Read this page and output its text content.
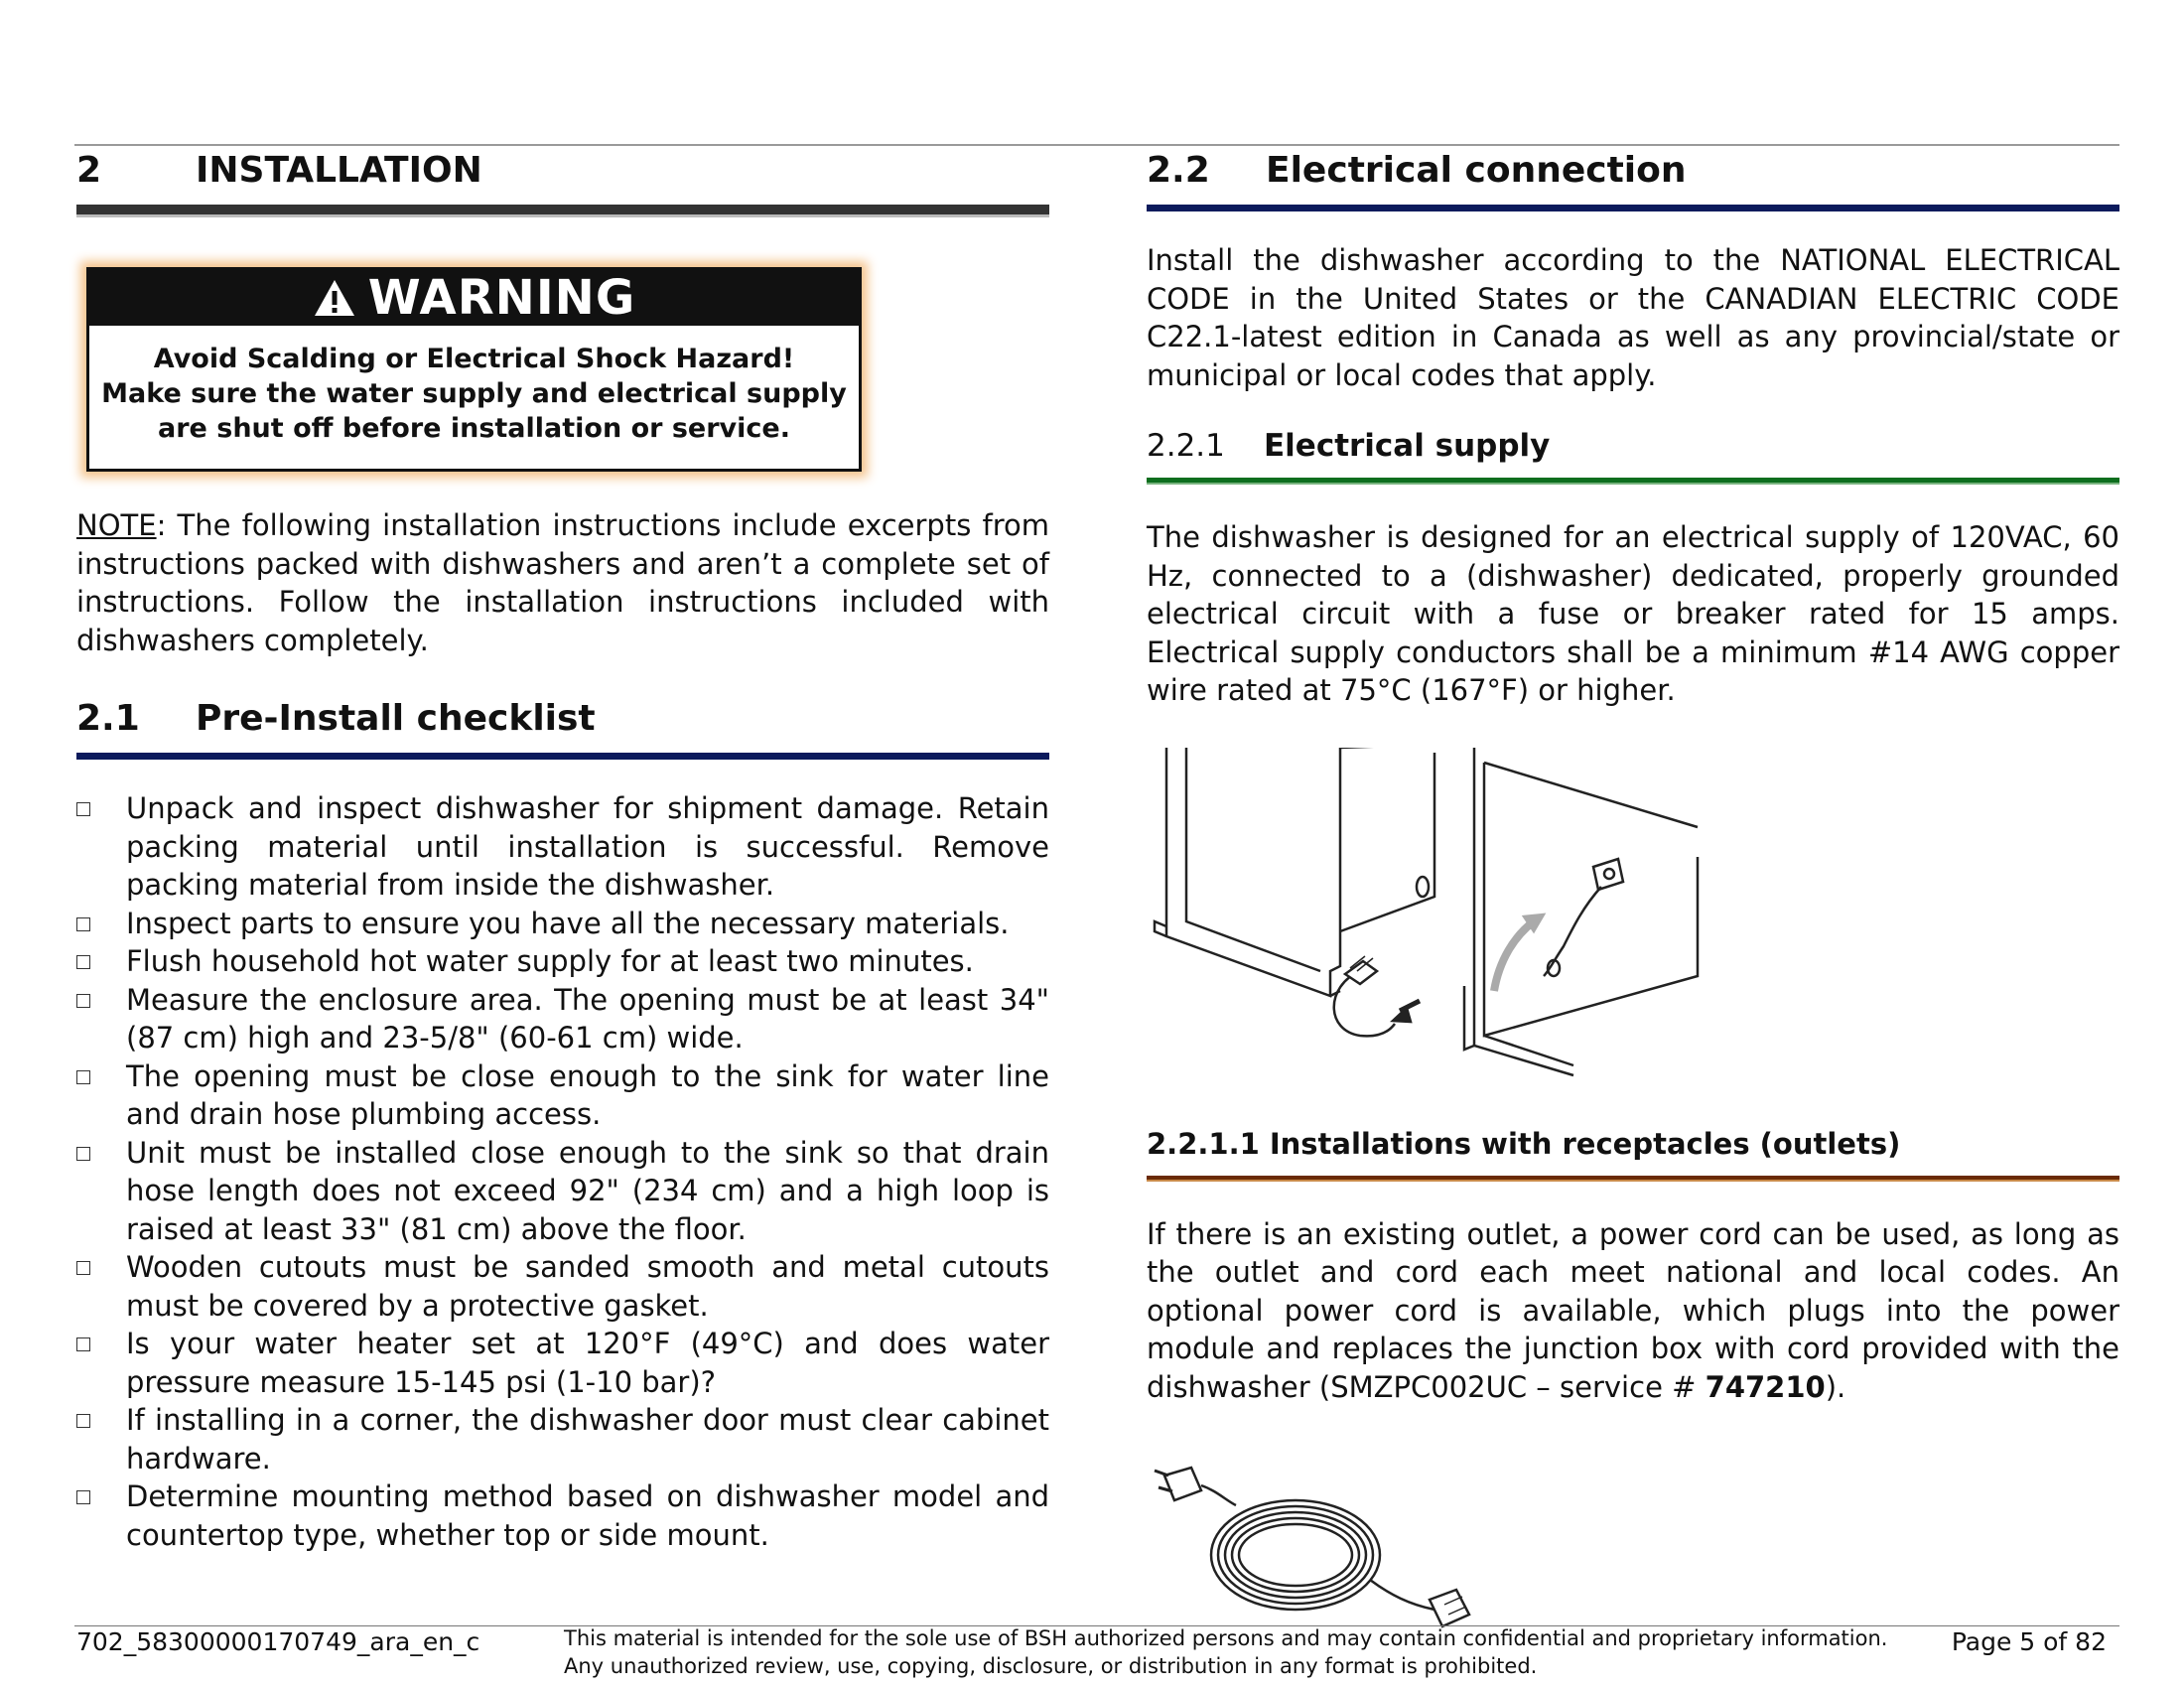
2	INSTALLATION
WARNING
Avoid Scalding or Electrical Shock Hazard!
Make sure the water supply and electrical supply
are shut off before installation or service.

NOTE: The following installation instructions include excerpts from instructions packed with dishwashers and aren’t a complete set of instructions. Follow the installation instructions included with dishwashers completely.

2.1	Pre-Install checklist
Unpack and inspect dishwasher for shipment damage. Retain packing material until installation is successful. Remove packing material from inside the dishwasher.
Inspect parts to ensure you have all the necessary materials.
Flush household hot water supply for at least two minutes.
Measure the enclosure area. The opening must be at least 34" (87 cm) high and 23-5/8" (60-61 cm) wide.
The opening must be close enough to the sink for water line and drain hose plumbing access.
Unit must be installed close enough to the sink so that drain hose length does not exceed 92" (234 cm) and a high loop is raised at least 33" (81 cm) above the floor.
Wooden cutouts must be sanded smooth and metal cutouts must be covered by a protective gasket.
Is your water heater set at 120°F (49°C) and does water pressure measure 15-145 psi (1-10 bar)?
If installing in a corner, the dishwasher door must clear cabinet hardware.
Determine mounting method based on dishwasher model and countertop type, whether top or side mount.
2.2	Electrical connection

Install the dishwasher according to the NATIONAL ELECTRICAL CODE in the United States or the CANADIAN ELECTRIC CODE C22.1-latest edition in Canada as well as any provincial/state or municipal or local codes that apply.

2.2.1	Electrical supply

The dishwasher is designed for an electrical supply of 120VAC, 60 Hz, connected to a (dishwasher) dedicated, properly grounded electrical circuit with a fuse or breaker rated for 15 amps. Electrical supply conductors shall be a minimum #14 AWG copper wire rated at 75°C (167°F) or higher.

2.2.1.1 Installations with receptacles (outlets)

If there is an existing outlet, a power cord can be used, as long as the outlet and cord each meet national and local codes. An optional power cord is available, which plugs into the power module and replaces the junction box with cord provided with the dishwasher (SMZPC002UC – service # 747210).

702_58300000170749_ara_en_c	This material is intended for the sole use of BSH authorized persons and may contain confidential and proprietary information. Any unauthorized review, use, copying, disclosure, or distribution in any format is prohibited.
Page 5 of 82
